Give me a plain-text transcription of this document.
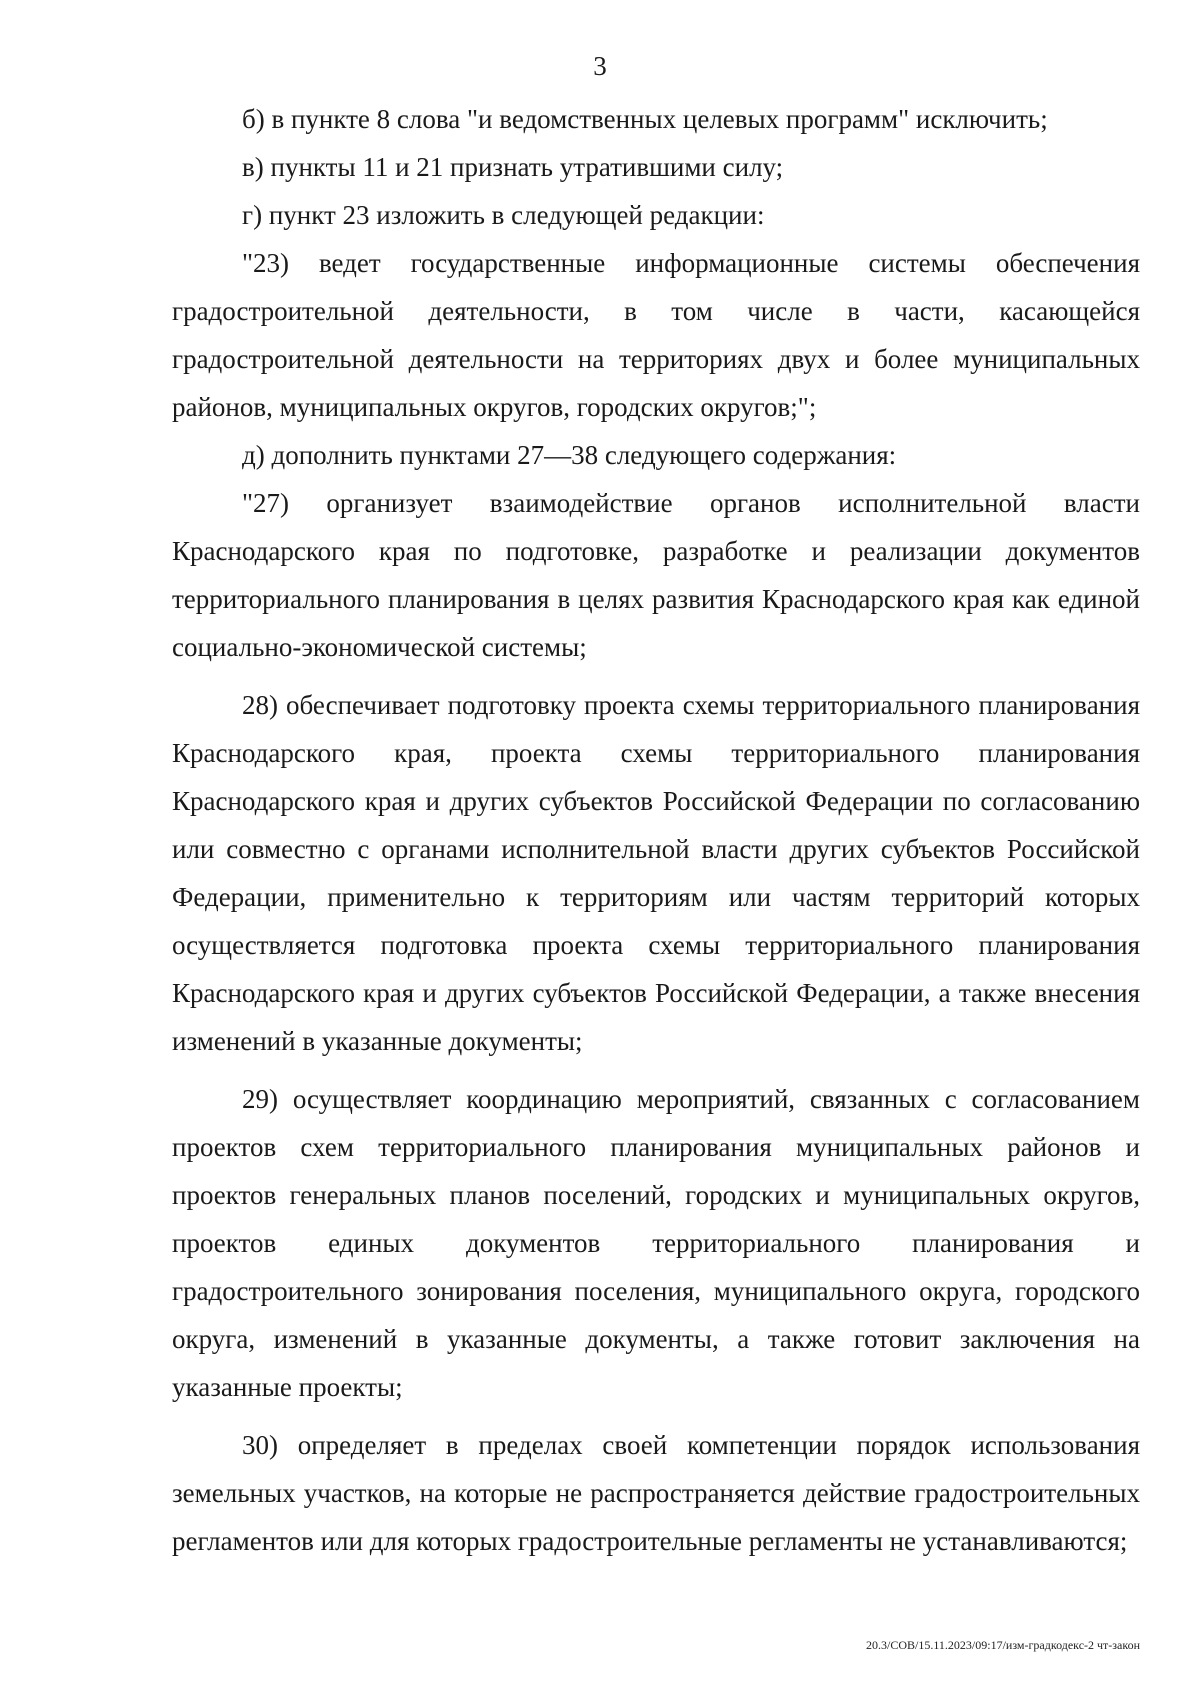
3

б) в пункте 8 слова "и ведомственных целевых программ" исключить;

в) пункты 11 и 21 признать утратившими силу;

г) пункт 23 изложить в следующей редакции:

"23) ведет государственные информационные системы обеспечения градостроительной деятельности, в том числе в части, касающейся градостроительной деятельности на территориях двух и более муниципальных районов, муниципальных округов, городских округов;";

д) дополнить пунктами 27—38 следующего содержания:

"27) организует взаимодействие органов исполнительной власти Краснодарского края по подготовке, разработке и реализации документов территориального планирования в целях развития Краснодарского края как единой социально-экономической системы;

28) обеспечивает подготовку проекта схемы территориального планирования Краснодарского края, проекта схемы территориального планирования Краснодарского края и других субъектов Российской Федерации по согласованию или совместно с органами исполнительной власти других субъектов Российской Федерации, применительно к территориям или частям территорий которых осуществляется подготовка проекта схемы территориального планирования Краснодарского края и других субъектов Российской Федерации, а также внесения изменений в указанные документы;

29) осуществляет координацию мероприятий, связанных с согласованием проектов схем территориального планирования муниципальных районов и проектов генеральных планов поселений, городских и муниципальных округов, проектов единых документов территориального планирования и градостроительного зонирования поселения, муниципального округа, городского округа, изменений в указанные документы, а также готовит заключения на указанные проекты;

30) определяет в пределах своей компетенции порядок использования земельных участков, на которые не распространяется действие градостроительных регламентов или для которых градостроительные регламенты не устанавливаются;

20.3/СОВ/15.11.2023/09:17/изм-градкодекс-2 чт-закон
